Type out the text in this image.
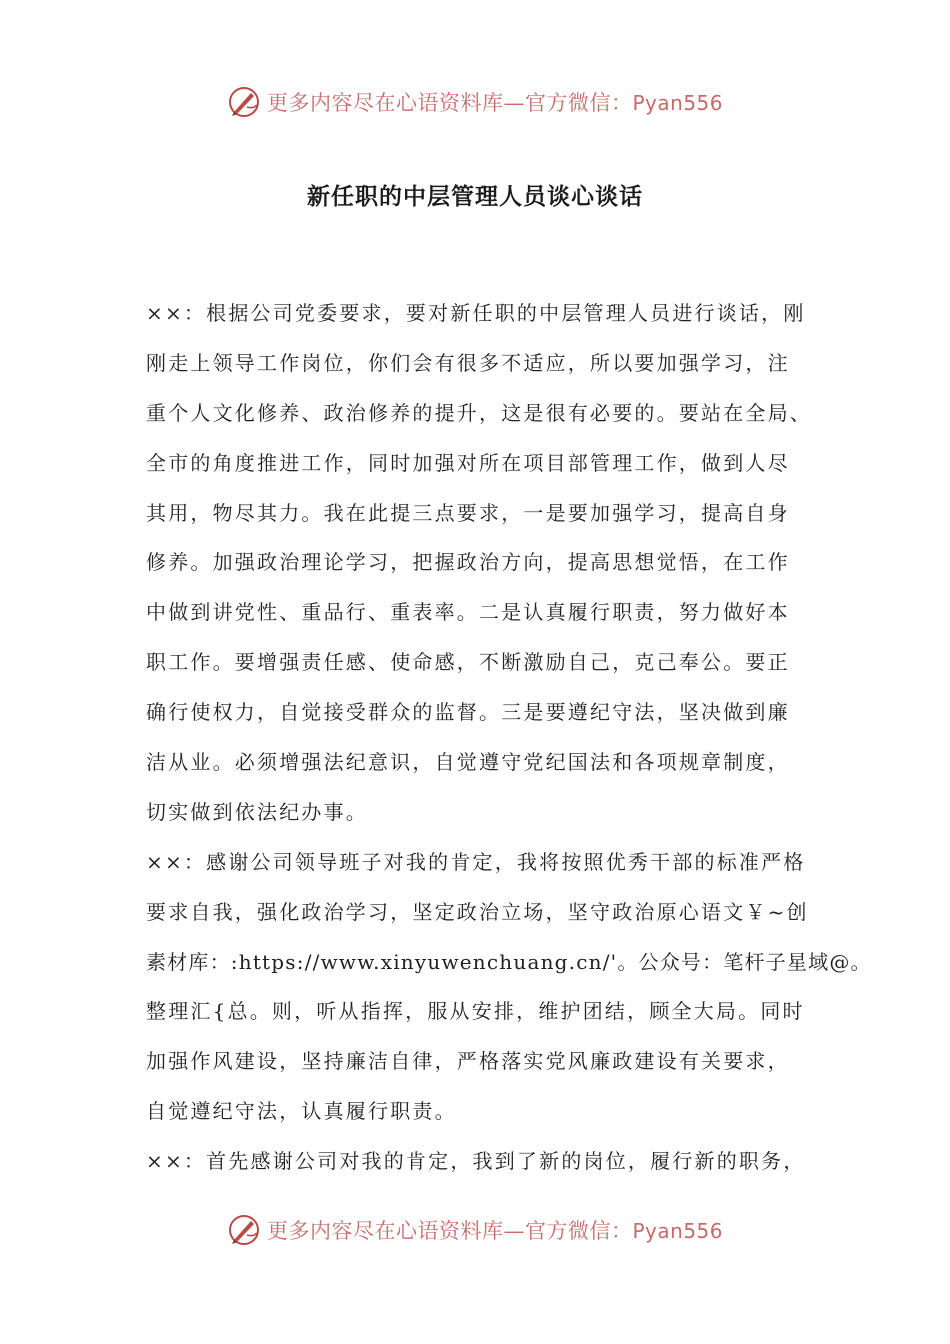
更多内容尽在心语资料库—官方微信：Pyan556
新任职的中层管理人员谈心谈话
××：根据公司党委要求，要对新任职的中层管理人员进行谈话，刚
刚走上领导工作岗位，你们会有很多不适应，所以要加强学习，注
重个人文化修养、政治修养的提升，这是很有必要的。要站在全局、
全市的角度推进工作，同时加强对所在项目部管理工作，做到人尽
其用，物尽其力。我在此提三点要求，一是要加强学习，提高自身
修养。加强政治理论学习，把握政治方向，提高思想觉悟，在工作
中做到讲党性、重品行、重表率。二是认真履行职责，努力做好本
职工作。要增强责任感、使命感，不断激励自己，克己奉公。要正
确行使权力，自觉接受群众的监督。三是要遵纪守法，坚决做到廉
洁从业。必须增强法纪意识，自觉遵守党纪国法和各项规章制度，
切实做到依法纪办事。
××：感谢公司领导班子对我的肯定，我将按照优秀干部的标准严格
要求自我，强化政治学习，坚定政治立场，坚守政治原心语文￥~创
素材库：:https://www.xinyuwenchuang.cn/'。公众号：笔杆子星域@。
整理汇{总。则，听从指挥，服从安排，维护团结，顾全大局。同时
加强作风建设，坚持廉洁自律，严格落实党风廉政建设有关要求，
自觉遵纪守法，认真履行职责。
××：首先感谢公司对我的肯定，我到了新的岗位，履行新的职务，
更多内容尽在心语资料库—官方微信：Pyan556
